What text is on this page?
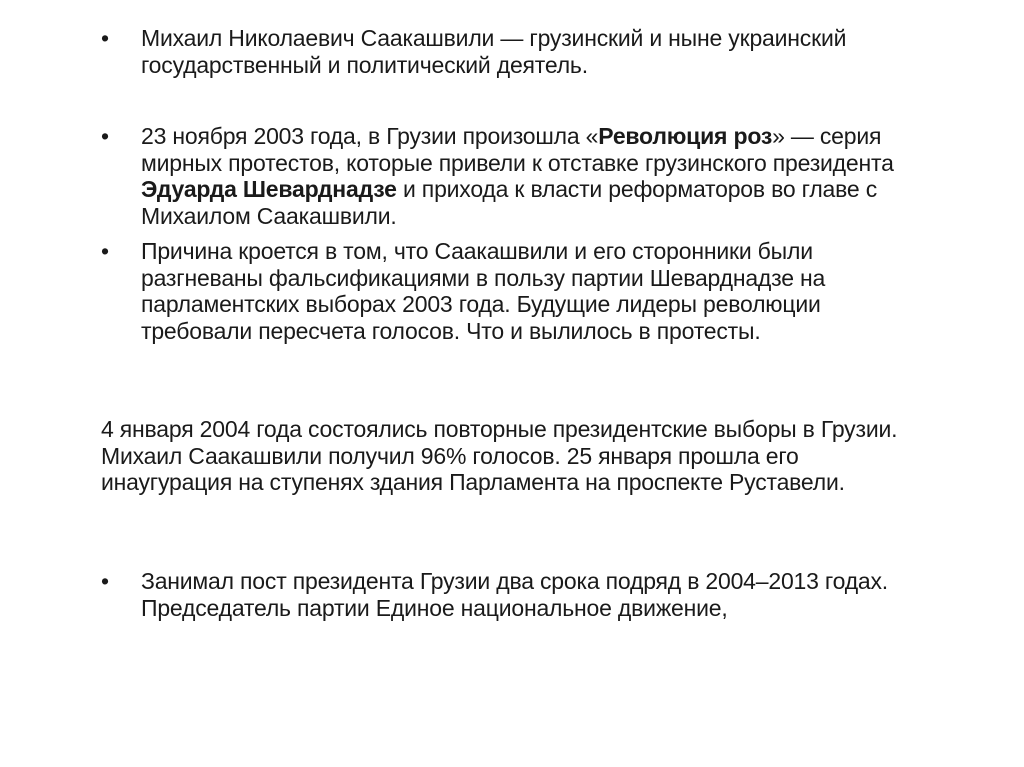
•	Михаил Николаевич Саакашвили — грузинский и ныне украинский государственный и политический деятель.
•	23 ноября 2003 года, в Грузии произошла «Революция роз» — серия мирных протестов, которые привели к отставке грузинского президента Эдуарда Шеварднадзе и прихода к власти реформаторов во главе с Михаилом Саакашвили.
•	Причина кроется в том, что Саакашвили и его сторонники были разгневаны фальсификациями в пользу партии Шеварднадзе на парламентских выборах 2003 года. Будущие лидеры революции требовали пересчета голосов. Что и вылилось в протесты.
4 января 2004 года состоялись повторные президентские выборы в Грузии. Михаил Саакашвили получил 96% голосов. 25 января прошла его инаугурация на ступенях здания Парламента на проспекте Руставели.
•	Занимал пост президента Грузии два срока подряд в 2004–2013 годах. Председатель партии Единое национальное движение,
